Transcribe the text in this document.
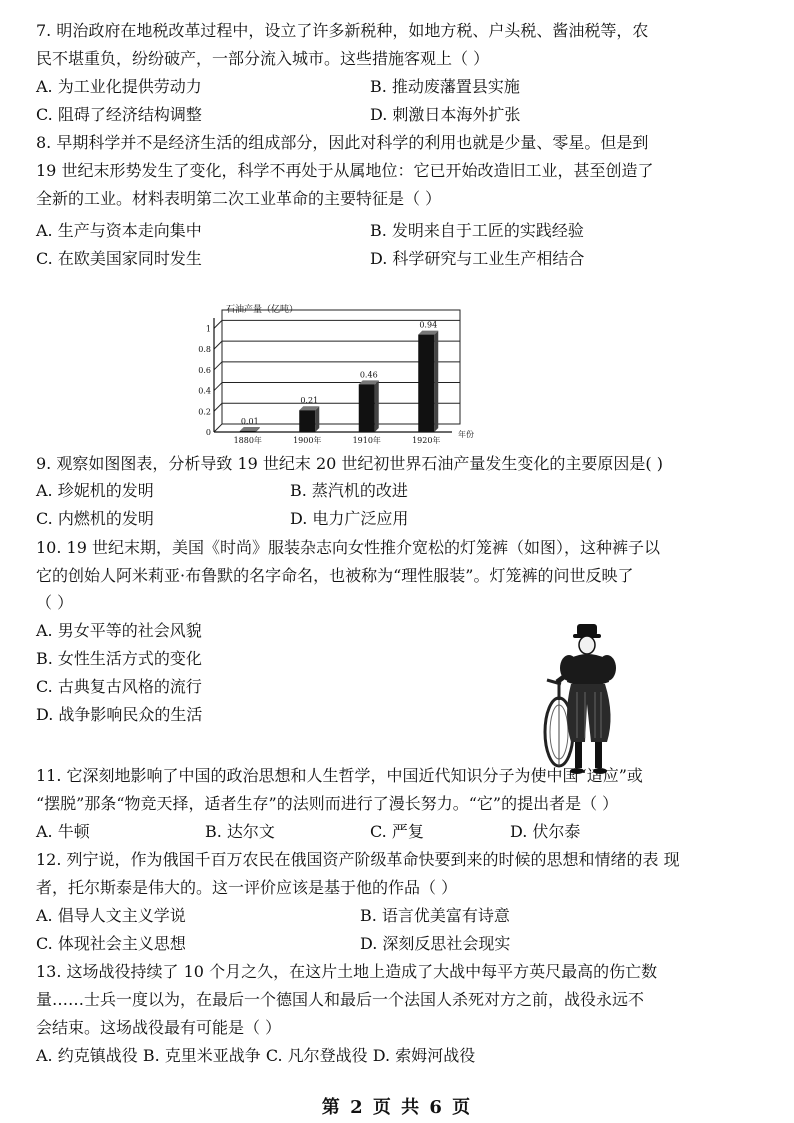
7. 明治政府在地税改革过程中，设立了许多新税种，如地方税、户头税、酱油税等，农
民不堪重负，纷纷破产，一部分流入城市。这些措施客观上（ ）
A. 为工业化提供劳动力	B. 推动废藩置县实施
C. 阻碍了经济结构调整	D. 刺激日本海外扩张
8. 早期科学并不是经济生活的组成部分，因此对科学的利用也就是少量、零星。但是到
19 世纪末形势发生了变化，科学不再处于从属地位：它已开始改造旧工业，甚至创造了
全新的工业。材料表明第二次工业革命的主要特征是（ ）
A. 生产与资本走向集中	B. 发明来自于工匠的实践经验
C. 在欧美国家同时发生	D. 科学研究与工业生产相结合
石油产量（亿吨）
0
0.2
0.4
0.6
0.8
1
0.01
1880年
0.21
1900年
0.46
1910年
0.94
1920年
年份
9. 观察如图图表，分析导致 19 世纪末 20 世纪初世界石油产量发生变化的主要原因是( )
A. 珍妮机的发明	B. 蒸汽机的改进
C. 内燃机的发明	D. 电力广泛应用
10. 19 世纪末期，美国《时尚》服装杂志向女性推介宽松的灯笼裤（如图），这种裤子以
它的创始人阿米莉亚·布鲁默的名字命名，也被称为“理性服装”。灯笼裤的问世反映了
（ ）
A. 男女平等的社会风貌
B. 女性生活方式的变化
C. 古典复古风格的流行
D. 战争影响民众的生活
11. 它深刻地影响了中国的政治思想和人生哲学，中国近代知识分子为使中国“适应”或
“摆脱”那条“物竞天择，适者生存”的法则而进行了漫长努力。“它”的提出者是（ ）
A. 牛顿	B. 达尔文	C. 严复	D. 伏尔泰
12. 列宁说，作为俄国千百万农民在俄国资产阶级革命快要到来的时候的思想和情绪的表 现
者，托尔斯泰是伟大的。这一评价应该是基于他的作品（ ）
A. 倡导人文主义学说	B. 语言优美富有诗意
C. 体现社会主义思想	D. 深刻反思社会现实
13. 这场战役持续了 10 个月之久，在这片土地上造成了大战中每平方英尺最高的伤亡数
量……士兵一度以为，在最后一个德国人和最后一个法国人杀死对方之前，战役永远不
会结束。这场战役最有可能是（ ）
A. 约克镇战役 B. 克里米亚战争 C. 凡尔登战役 D. 索姆河战役
第 2 页 共 6 页
